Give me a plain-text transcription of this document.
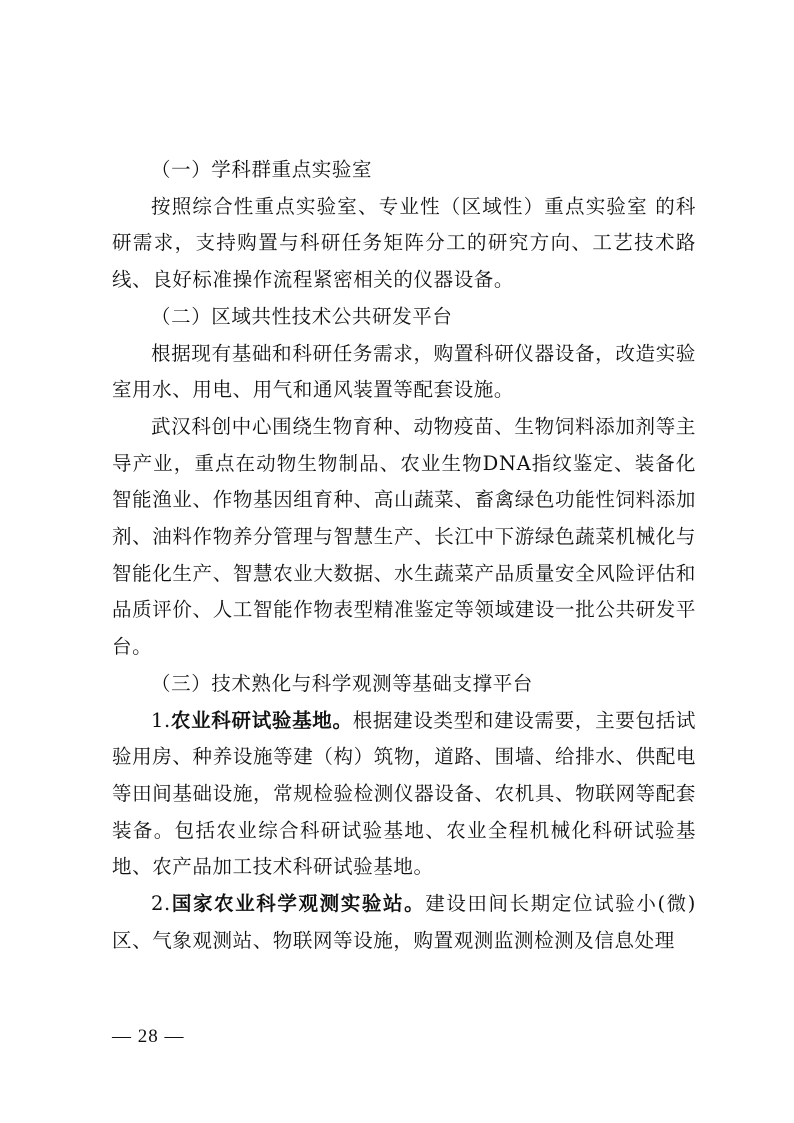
（一）学科群重点实验室

按照综合性重点实验室、专业性（区域性）重点实验室 的科研需求，支持购置与科研任务矩阵分工的研究方向、工艺技术路线、良好标准操作流程紧密相关的仪器设备。

（二）区域共性技术公共研发平台

根据现有基础和科研任务需求，购置科研仪器设备，改造实验室用水、用电、用气和通风装置等配套设施。

武汉科创中心围绕生物育种、动物疫苗、生物饲料添加剂等主导产业，重点在动物生物制品、农业生物DNA指纹鉴定、装备化智能渔业、作物基因组育种、高山蔬菜、畜禽绿色功能性饲料添加剂、油料作物养分管理与智慧生产、长江中下游绿色蔬菜机械化与智能化生产、智慧农业大数据、水生蔬菜产品质量安全风险评估和品质评价、人工智能作物表型精准鉴定等领域建设一批公共研发平台。

（三）技术熟化与科学观测等基础支撑平台

1.农业科研试验基地。根据建设类型和建设需要，主要包括试验用房、种养设施等建（构）筑物，道路、围墙、给排水、供配电等田间基础设施，常规检验检测仪器设备、农机具、物联网等配套装备。包括农业综合科研试验基地、农业全程机械化科研试验基地、农产品加工技术科研试验基地。

2.国家农业科学观测实验站。建设田间长期定位试验小(微)区、气象观测站、物联网等设施，购置观测监测检测及信息处理

— 28 —
